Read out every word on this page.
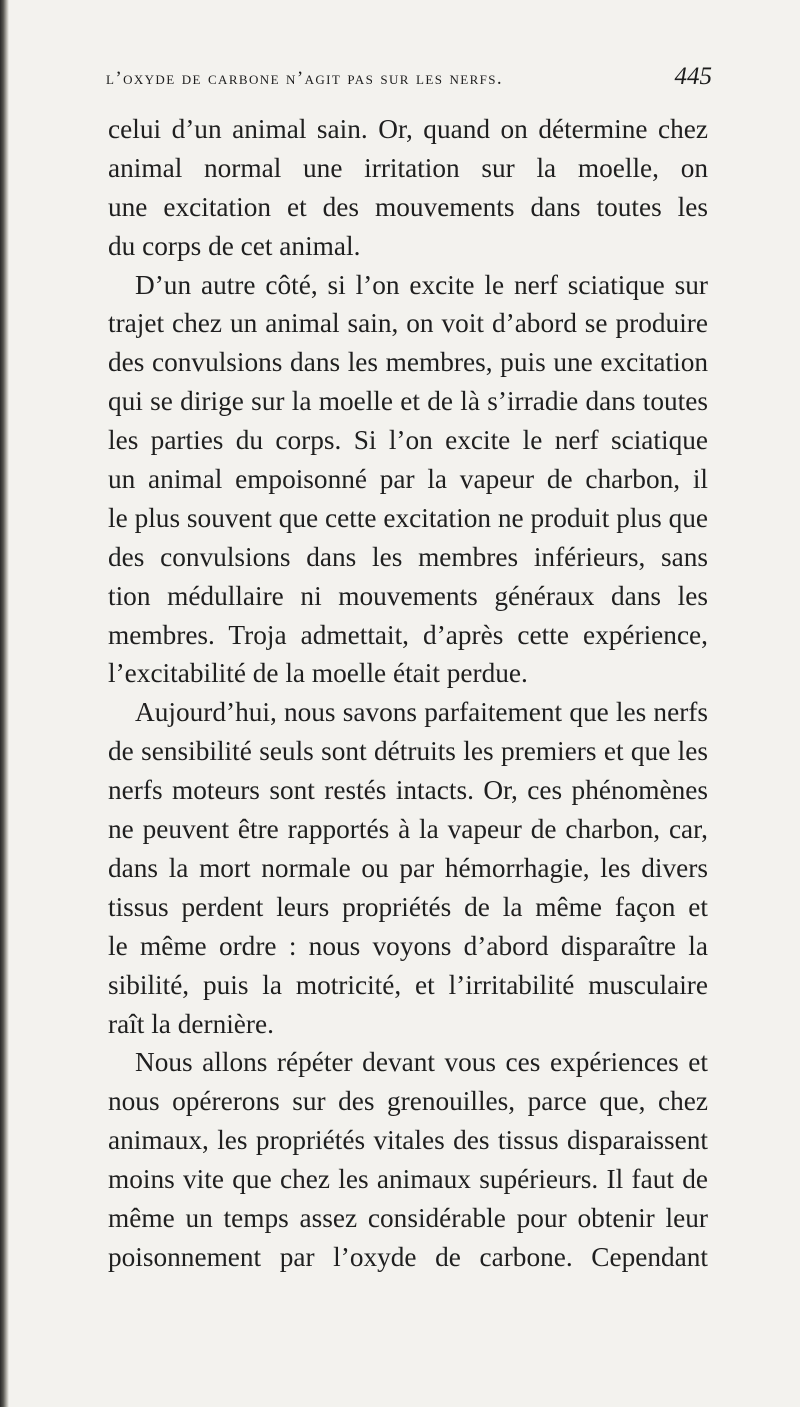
l’oxyde de carbone n’agit pas sur les nerfs.	445
celui d’un animal sain. Or, quand on détermine chez
animal normal une irritation sur la moelle, on
une excitation et des mouvements dans toutes les
du corps de cet animal.
D’un autre côté, si l’on excite le nerf sciatique sur
trajet chez un animal sain, on voit d’abord se produire
des convulsions dans les membres, puis une excitation
qui se dirige sur la moelle et de là s’irradie dans toutes
les parties du corps. Si l’on excite le nerf sciatique
un animal empoisonné par la vapeur de charbon, il
le plus souvent que cette excitation ne produit plus que
des convulsions dans les membres inférieurs, sans
tion médullaire ni mouvements généraux dans les
membres. Troja admettait, d’après cette expérience,
l’excitabilité de la moelle était perdue.
Aujourd’hui, nous savons parfaitement que les nerfs
de sensibilité seuls sont détruits les premiers et que les
nerfs moteurs sont restés intacts. Or, ces phénomènes
ne peuvent être rapportés à la vapeur de charbon, car,
dans la mort normale ou par hémorrhagie, les divers
tissus perdent leurs propriétés de la même façon et
le même ordre : nous voyons d’abord disparaître la
sibilité, puis la motricité, et l’irritabilité musculaire
raît la dernière.
Nous allons répéter devant vous ces expériences et
nous opérerons sur des grenouilles, parce que, chez
animaux, les propriétés vitales des tissus disparaissent
moins vite que chez les animaux supérieurs. Il faut de
même un temps assez considérable pour obtenir leur
poisonnement par l’oxyde de carbone. Cependant
